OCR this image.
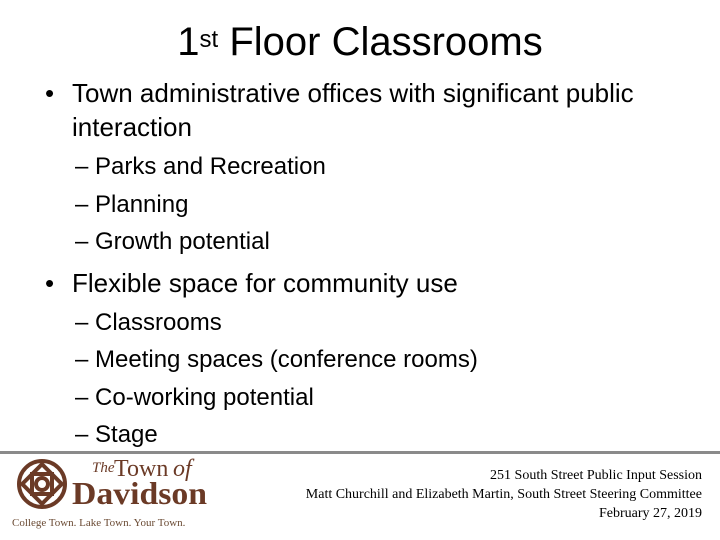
1st Floor Classrooms
• Town administrative offices with significant public interaction
– Parks and Recreation
– Planning
– Growth potential
• Flexible space for community use
– Classrooms
– Meeting spaces (conference rooms)
– Co-working potential
– Stage
The Town of
Davidson
College Town. Lake Town. Your Town.
251 South Street Public Input Session
Matt Churchill and Elizabeth Martin, South Street Steering Committee
February 27, 2019
